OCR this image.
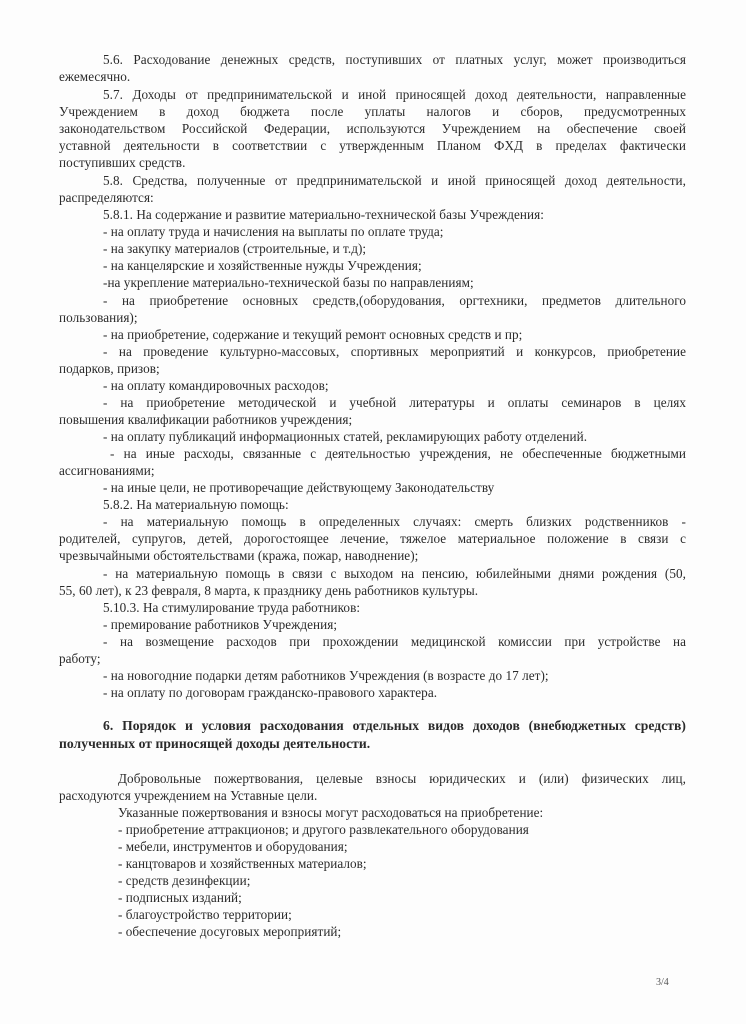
5.6. Расходование денежных средств, поступивших от платных услуг, может производиться
ежемесячно.
5.7. Доходы от предпринимательской и иной приносящей доход деятельности, направленные
Учреждением в доход бюджета после уплаты налогов и сборов, предусмотренных
законодательством Российской Федерации, используются Учреждением на обеспечение своей
уставной деятельности в соответствии с утвержденным Планом ФХД в пределах фактически
поступивших средств.
5.8. Средства, полученные от предпринимательской и иной приносящей доход деятельности,
распределяются:
5.8.1. На содержание и развитие материально-технической базы Учреждения:
- на оплату труда и начисления на выплаты по оплате труда;
- на закупку материалов (строительные, и т.д);
- на канцелярские и хозяйственные нужды Учреждения;
-на укрепление материально-технической базы по направлениям;
- на приобретение основных средств,(оборудования, оргтехники, предметов длительного
пользования);
- на приобретение, содержание и текущий ремонт основных средств и пр;
- на проведение культурно-массовых, спортивных мероприятий и конкурсов, приобретение
подарков, призов;
- на оплату командировочных расходов;
- на приобретение методической и учебной литературы и оплаты семинаров в целях
повышения квалификации работников учреждения;
- на оплату публикаций информационных статей, рекламирующих работу отделений.
- на иные расходы, связанные с деятельностью учреждения, не обеспеченные бюджетными
ассигнованиями;
- на иные цели, не противоречащие действующему Законодательству
5.8.2. На материальную помощь:
- на материальную помощь в определенных случаях: смерть близких родственников -
родителей, супругов, детей, дорогостоящее лечение, тяжелое материальное положение в связи с
чрезвычайными обстоятельствами (кража, пожар, наводнение);
- на материальную помощь в связи с выходом на пенсию, юбилейными днями рождения (50,
55, 60 лет), к 23 февраля, 8 марта, к празднику день работников культуры.
5.10.3. На стимулирование труда работников:
- премирование работников Учреждения;
- на возмещение расходов при прохождении медицинской комиссии при устройстве на
работу;
- на новогодние подарки детям работников Учреждения (в возрасте до 17 лет);
- на оплату по договорам гражданско-правового характера.
6. Порядок и условия расходования отдельных видов доходов (внебюджетных средств)
полученных от приносящей доходы деятельности.
Добровольные пожертвования, целевые взносы юридических и (или) физических лиц,
расходуются учреждением на Уставные цели.
Указанные пожертвования и взносы могут расходоваться на приобретение:
- приобретение аттракционов; и другого развлекательного оборудования
- мебели, инструментов и оборудования;
- канцтоваров и хозяйственных материалов;
- средств дезинфекции;
- подписных изданий;
- благоустройство территории;
- обеспечение досуговых мероприятий;
3/4
